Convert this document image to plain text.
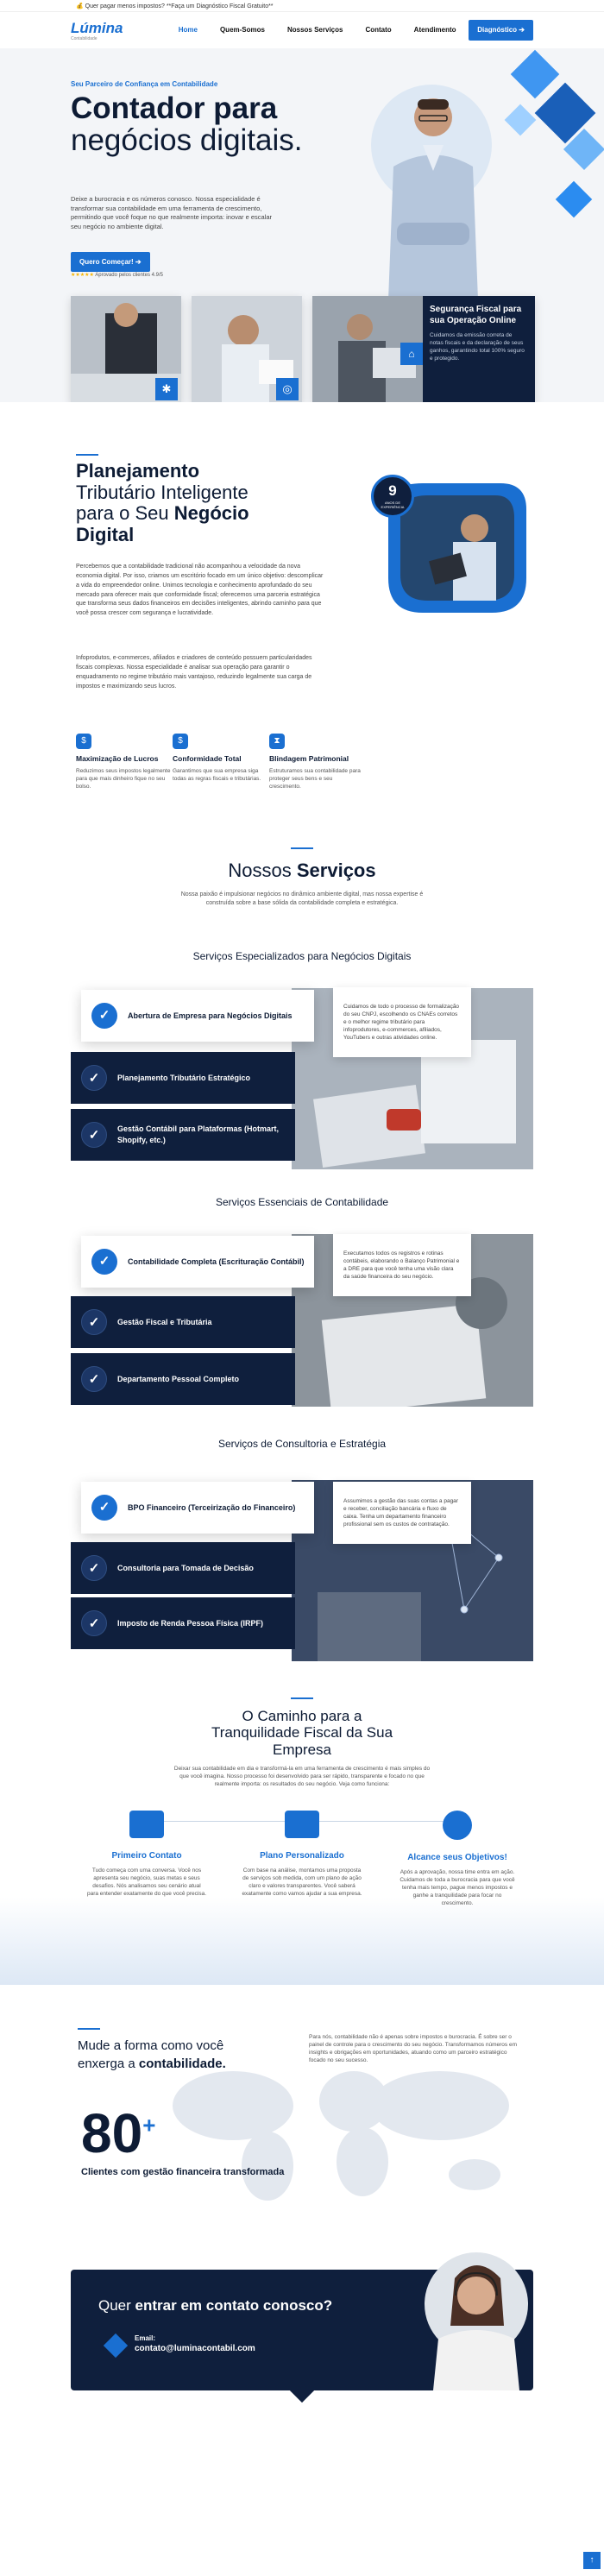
💰 Quer pagar menos impostos? **Faça um Diagnóstico Fiscal Gratuito**
Lúmina
Contabilidade
Home	Quem-Somos	Nossos Serviços	Contato	Atendimento	Diagnóstico ➔
Seu Parceiro de Confiança em Contabilidade
Contador para
negócios digitais.
Deixe a burocracia e os números conosco. Nossa especialidade é transformar sua contabilidade em uma ferramenta de crescimento, permitindo que você foque no que realmente importa: inovar e escalar seu negócio no ambiente digital.
Quero Começar! ➔
★★★★★ Aprovado pelos clientes 4.9/5
✱	◎
⌂
Segurança Fiscal para sua Operação Online
Cuidamos da emissão correta de notas fiscais e da declaração de seus ganhos, garantindo total 100% seguro e protegido.
Planejamento
Tributário Inteligente
para o Seu Negócio
Digital
Percebemos que a contabilidade tradicional não acompanhou a velocidade da nova economia digital. Por isso, criamos um escritório focado em um único objetivo: descomplicar a vida do empreendedor online. Unimos tecnologia e conhecimento aprofundado do seu mercado para oferecer mais que conformidade fiscal; oferecemos uma parceria estratégica que transforma seus dados financeiros em decisões inteligentes, abrindo caminho para que você possa crescer com segurança e lucratividade.
Infoprodutos, e-commerces, afiliados e criadores de conteúdo possuem particularidades fiscais complexas. Nossa especialidade é analisar sua operação para garantir o enquadramento no regime tributário mais vantajoso, reduzindo legalmente sua carga de impostos e maximizando seus lucros.
9
ANOS DE EXPERIÊNCIA
$
Maximização de Lucros

Reduzimos seus impostos legalmente para que mais dinheiro fique no seu bolso.

$
Conformidade Total

Garantimos que sua empresa siga todas as regras fiscais e tributárias.

⧗
Blindagem Patrimonial

Estruturamos sua contabilidade para proteger seus bens e seu crescimento.

Nossos Serviços
Nossa paixão é impulsionar negócios no dinâmico ambiente digital, mas nossa expertise é construída sobre a base sólida da contabilidade completa e estratégica.
Serviços Especializados para Negócios Digitais
Cuidamos de todo o processo de formalização do seu CNPJ, escolhendo os CNAEs corretos e o melhor regime tributário para infoprodutores, e-commerces, afiliados, YouTubers e outras atividades online.
✓	Abertura de Empresa para Negócios Digitais
✓	Planejamento Tributário Estratégico
✓	Gestão Contábil para Plataformas (Hotmart, Shopify, etc.)
Serviços Essenciais de Contabilidade
Executamos todos os registros e rotinas contábeis, elaborando o Balanço Patrimonial e a DRE para que você tenha uma visão clara da saúde financeira do seu negócio.
✓	Contabilidade Completa (Escrituração Contábil)
✓	Gestão Fiscal e Tributária
✓	Departamento Pessoal Completo
Serviços de Consultoria e Estratégia
Assumimos a gestão das suas contas a pagar e receber, conciliação bancária e fluxo de caixa. Tenha um departamento financeiro profissional sem os custos de contratação.
✓	BPO Financeiro (Terceirização do Financeiro)
✓	Consultoria para Tomada de Decisão
✓	Imposto de Renda Pessoa Física (IRPF)
O Caminho para a Tranquilidade Fiscal da Sua Empresa
Deixar sua contabilidade em dia e transformá-la em uma ferramenta de crescimento é mais simples do que você imagina. Nosso processo foi desenvolvido para ser rápido, transparente e focado no que realmente importa: os resultados do seu negócio. Veja como funciona:
Primeiro Contato

Tudo começa com uma conversa. Você nos apresenta seu negócio, suas metas e seus desafios. Nós analisamos seu cenário atual para entender exatamente do que você precisa.

Plano Personalizado

Com base na análise, montamos uma proposta de serviços sob medida, com um plano de ação claro e valores transparentes. Você saberá exatamente como vamos ajudar a sua empresa.

Alcance seus Objetivos!

Após a aprovação, nossa time entra em ação. Cuidamos de toda a burocracia para que você tenha mais tempo, pague menos impostos e ganhe a tranquilidade para focar no crescimento.

Mude a forma como você
enxerga a contabilidade.
Para nós, contabilidade não é apenas sobre impostos e burocracia. É sobre ser o painel de controle para o crescimento do seu negócio. Transformamos números em insights e obrigações em oportunidades, atuando como um parceiro estratégico focado no seu sucesso.
80+
Clientes com gestão financeira transformada
Quer entrar em contato conosco?
Email:
contato@luminacontabil.com
↑
